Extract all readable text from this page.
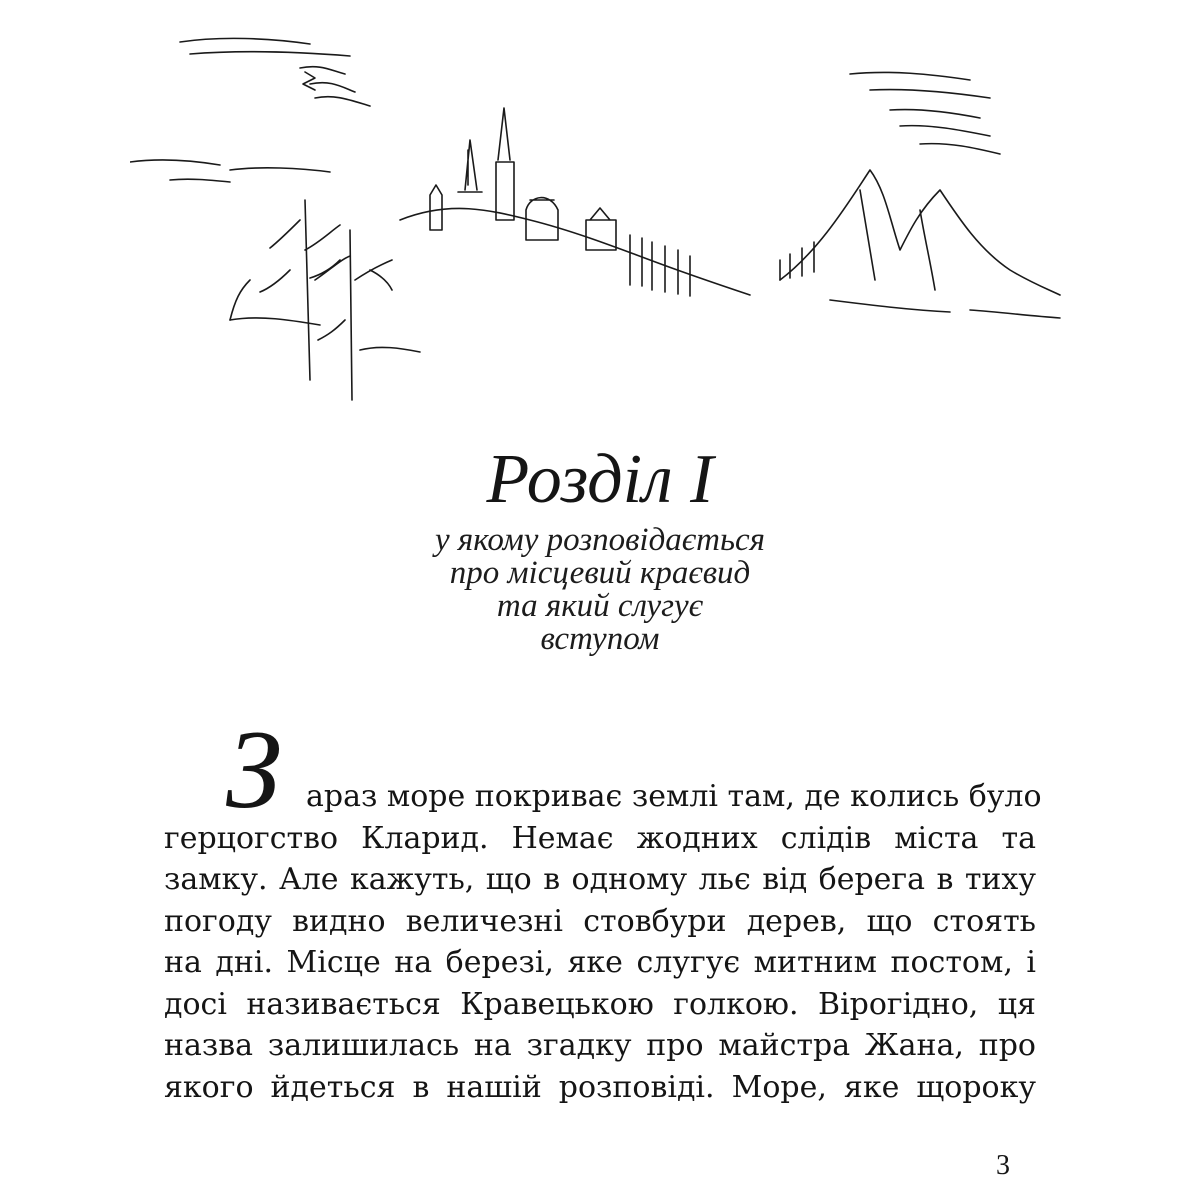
Розділ I
у якому розповідається
про місцевий краєвид
та який слугує
вступом
З араз море покриває землі там, де колись було
герцогство Кларид. Немає жодних слідів міста та
замку. Але кажуть, що в одному льє від берега в тиху
погоду видно величезні стовбури дерев, що стоять
на дні. Місце на березі, яке слугує митним постом, і
досі називається Кравецькою голкою. Вірогідно, ця
назва залишилась на згадку про майстра Жана, про
якого йдеться в нашій розповіді. Море, яке щороку
3
